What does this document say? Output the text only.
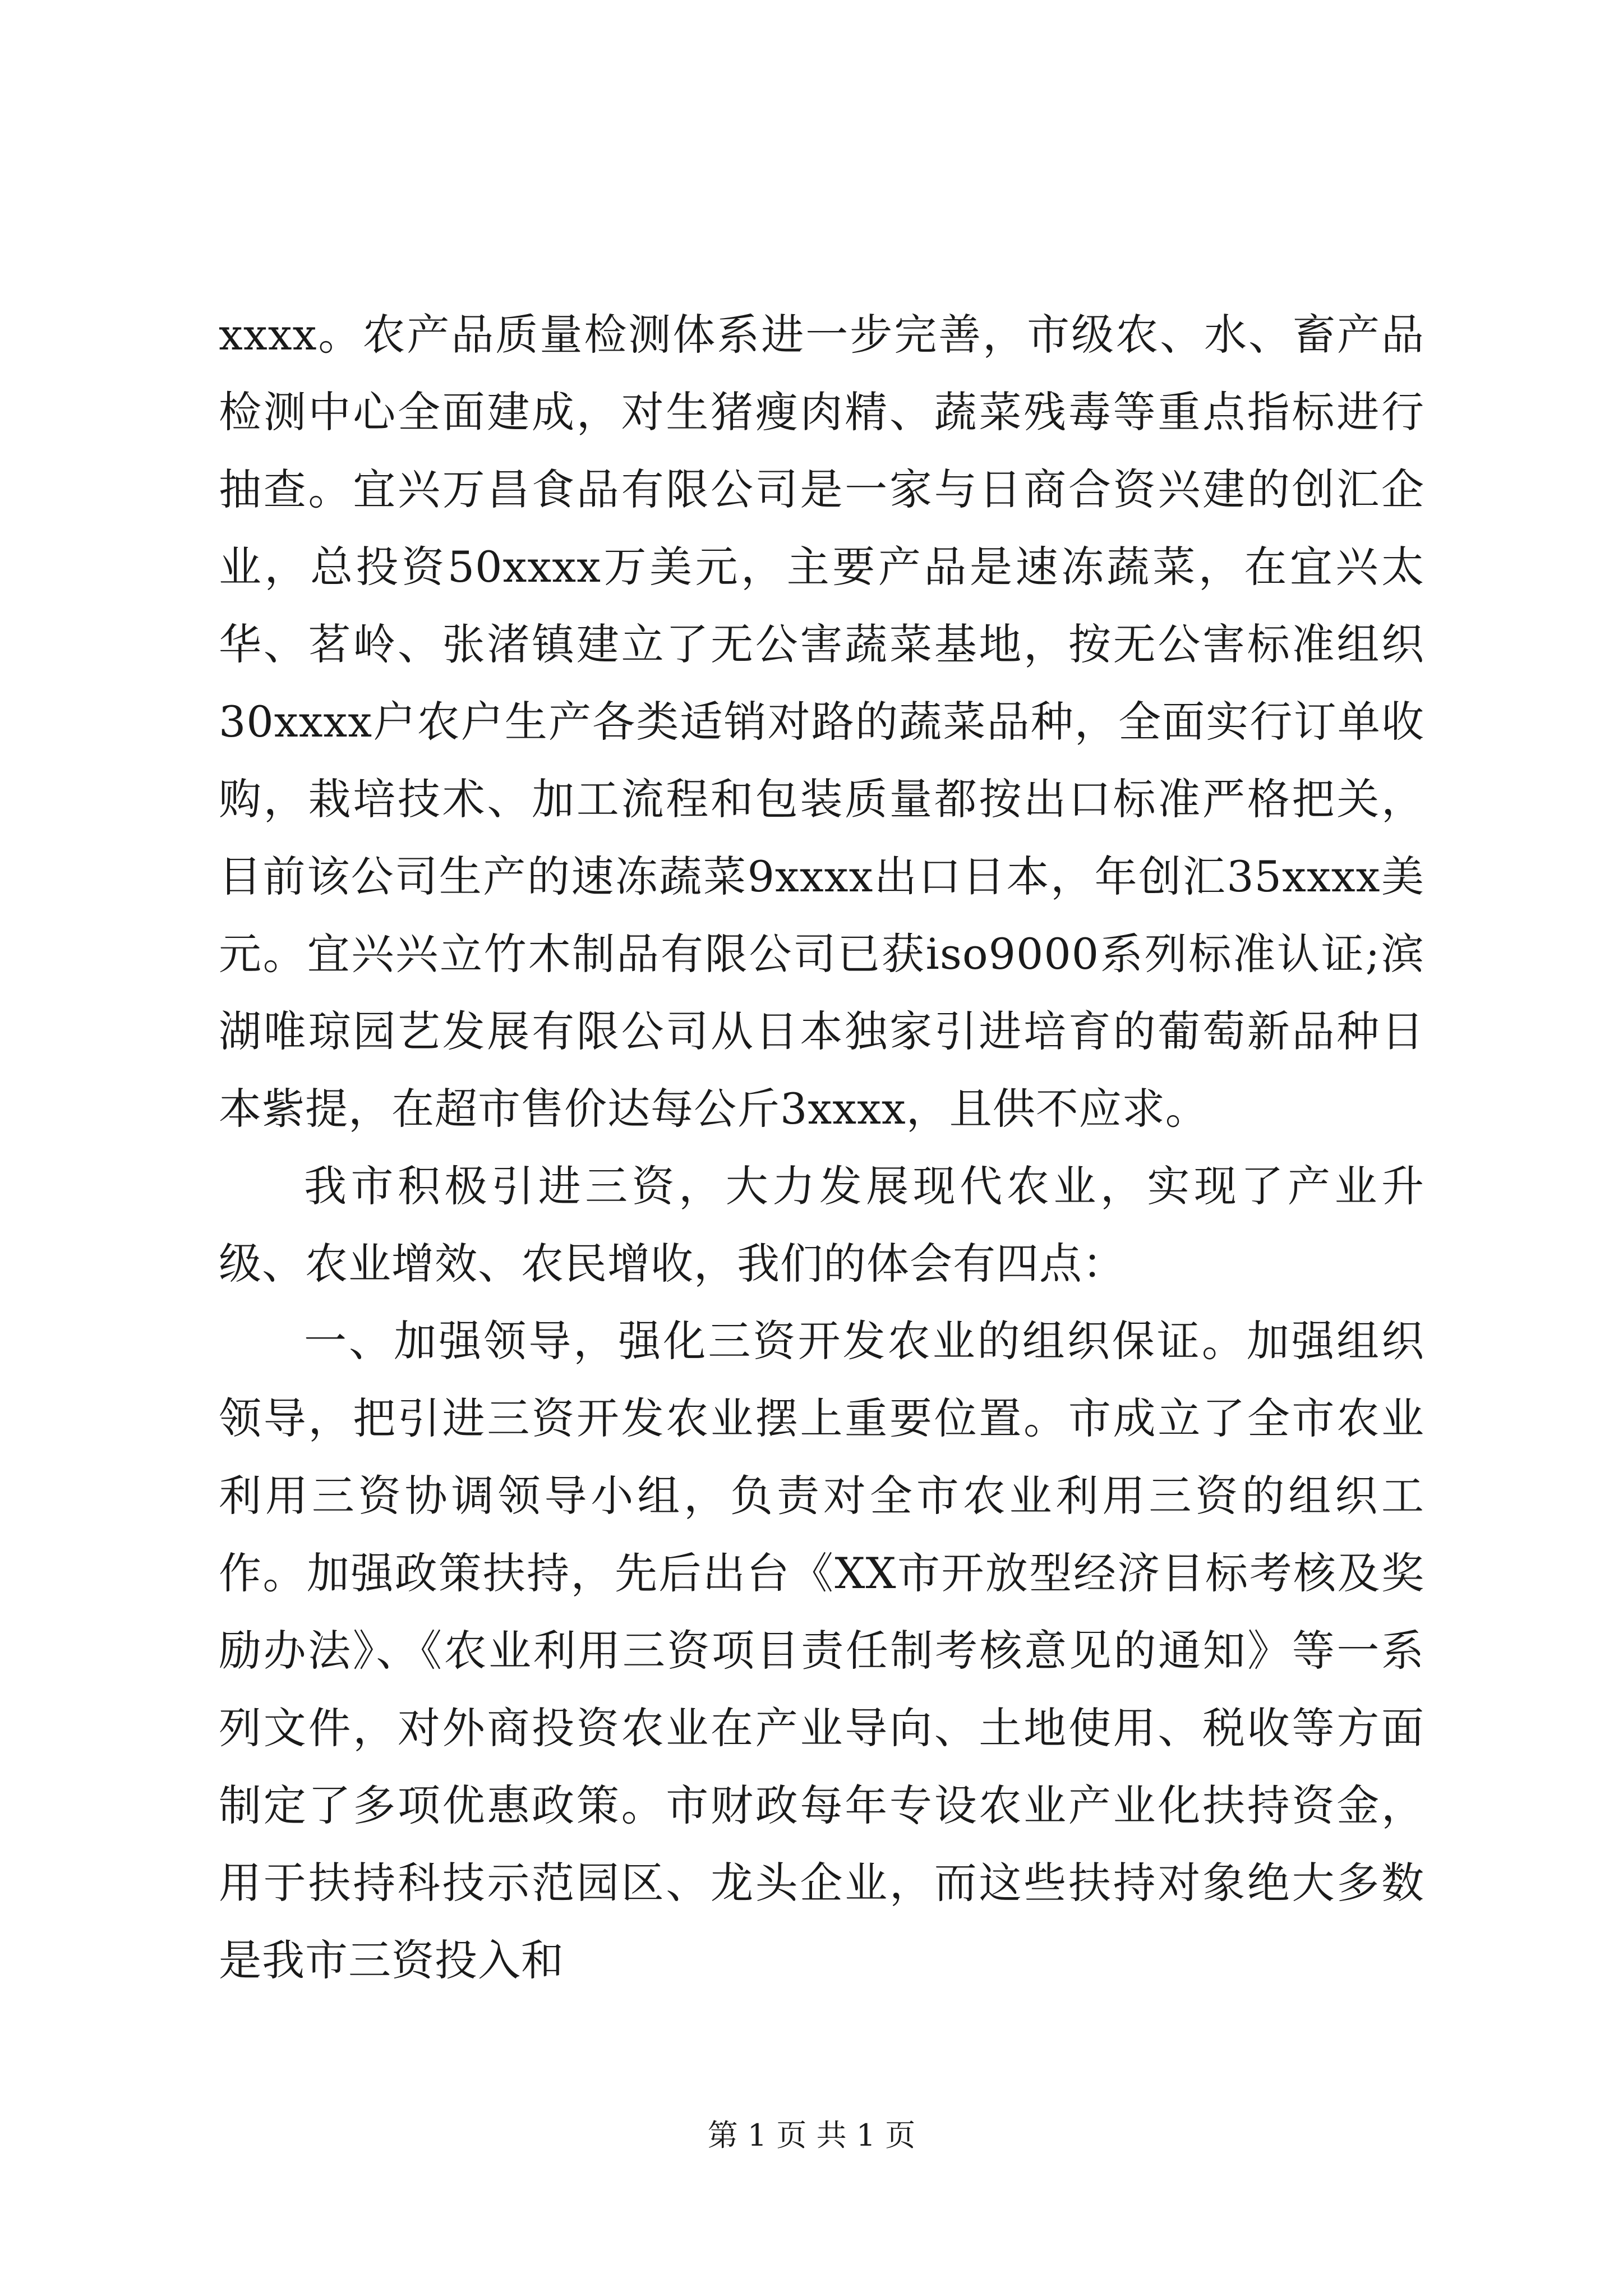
xxxx。农产品质量检测体系进一步完善，市级农、水、畜产品检测中心全面建成，对生猪瘦肉精、蔬菜残毒等重点指标进行抽查。宜兴万昌食品有限公司是一家与日商合资兴建的创汇企业，总投资50xxxx万美元，主要产品是速冻蔬菜，在宜兴太华、茗岭、张渚镇建立了无公害蔬菜基地，按无公害标准组织30xxxx户农户生产各类适销对路的蔬菜品种，全面实行订单收购，栽培技术、加工流程和包装质量都按出口标准严格把关，目前该公司生产的速冻蔬菜9xxxx出口日本，年创汇35xxxx美元。宜兴兴立竹木制品有限公司已获iso9000系列标准认证;滨湖唯琼园艺发展有限公司从日本独家引进培育的葡萄新品种日本紫提，在超市售价达每公斤3xxxx，且供不应求。

我市积极引进三资，大力发展现代农业，实现了产业升级、农业增效、农民增收，我们的体会有四点：

一、加强领导，强化三资开发农业的组织保证。加强组织领导，把引进三资开发农业摆上重要位置。市成立了全市农业利用三资协调领导小组，负责对全市农业利用三资的组织工作。加强政策扶持，先后出台《XX市开放型经济目标考核及奖励办法》、《农业利用三资项目责任制考核意见的通知》等一系列文件，对外商投资农业在产业导向、土地使用、税收等方面制定了多项优惠政策。市财政每年专设农业产业化扶持资金，用于扶持科技示范园区、龙头企业，而这些扶持对象绝大多数是我市三资投入和

第 1 页 共 1 页
